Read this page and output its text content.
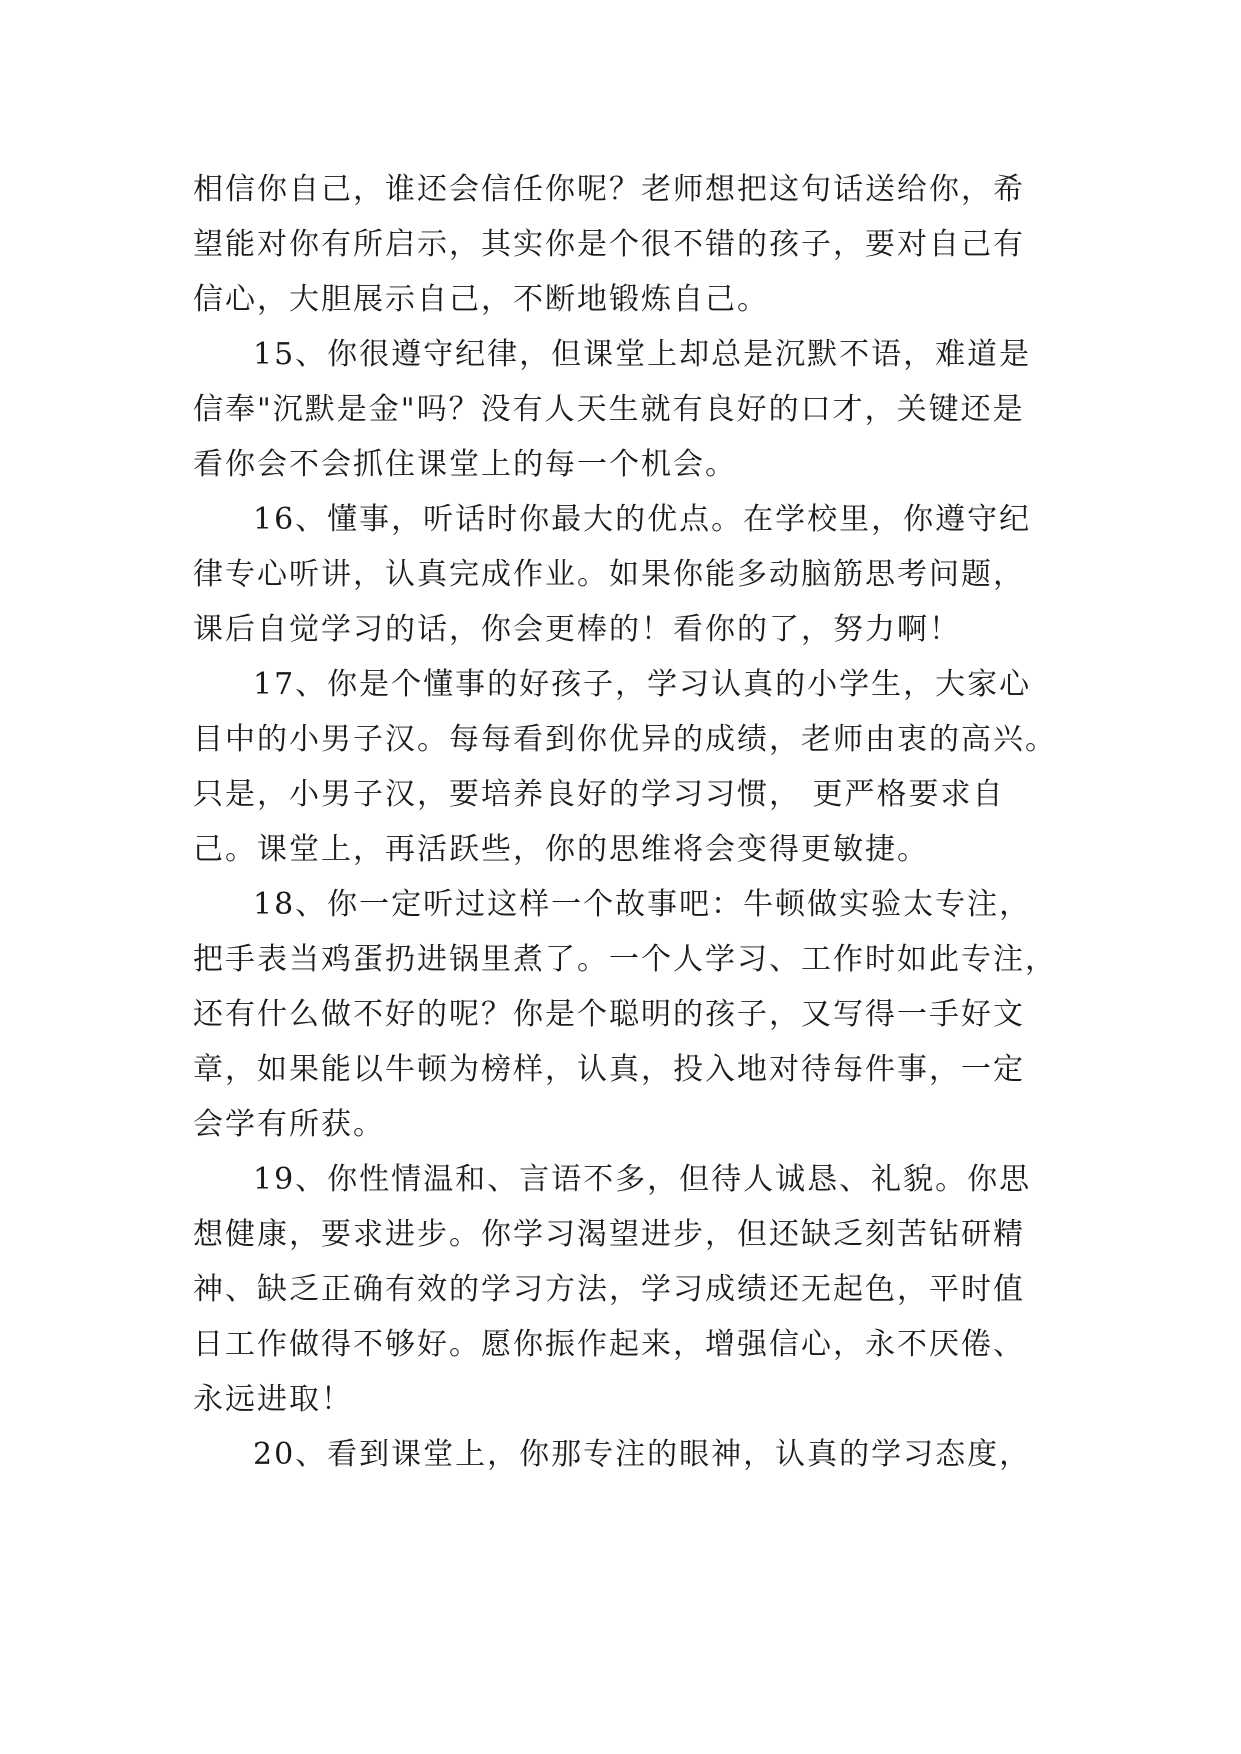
相信你自己，谁还会信任你呢？老师想把这句话送给你，希
望能对你有所启示，其实你是个很不错的孩子，要对自己有
信心，大胆展示自己，不断地锻炼自己。
15、你很遵守纪律，但课堂上却总是沉默不语，难道是
信奉"沉默是金"吗？没有人天生就有良好的口才，关键还是
看你会不会抓住课堂上的每一个机会。
16、懂事，听话时你最大的优点。在学校里，你遵守纪
律专心听讲，认真完成作业。如果你能多动脑筋思考问题，
课后自觉学习的话，你会更棒的！看你的了，努力啊！
17、你是个懂事的好孩子，学习认真的小学生，大家心
目中的小男子汉。每每看到你优异的成绩，老师由衷的高兴。
只是，小男子汉，要培养良好的学习习惯， 更严格要求自
己。课堂上，再活跃些，你的思维将会变得更敏捷。
18、你一定听过这样一个故事吧：牛顿做实验太专注，
把手表当鸡蛋扔进锅里煮了。一个人学习、工作时如此专注，
还有什么做不好的呢？你是个聪明的孩子，又写得一手好文
章，如果能以牛顿为榜样，认真，投入地对待每件事，一定
会学有所获。
19、你性情温和、言语不多，但待人诚恳、礼貌。你思
想健康，要求进步。你学习渴望进步，但还缺乏刻苦钻研精
神、缺乏正确有效的学习方法，学习成绩还无起色，平时值
日工作做得不够好。愿你振作起来，增强信心，永不厌倦、
永远进取！
20、看到课堂上，你那专注的眼神，认真的学习态度，
